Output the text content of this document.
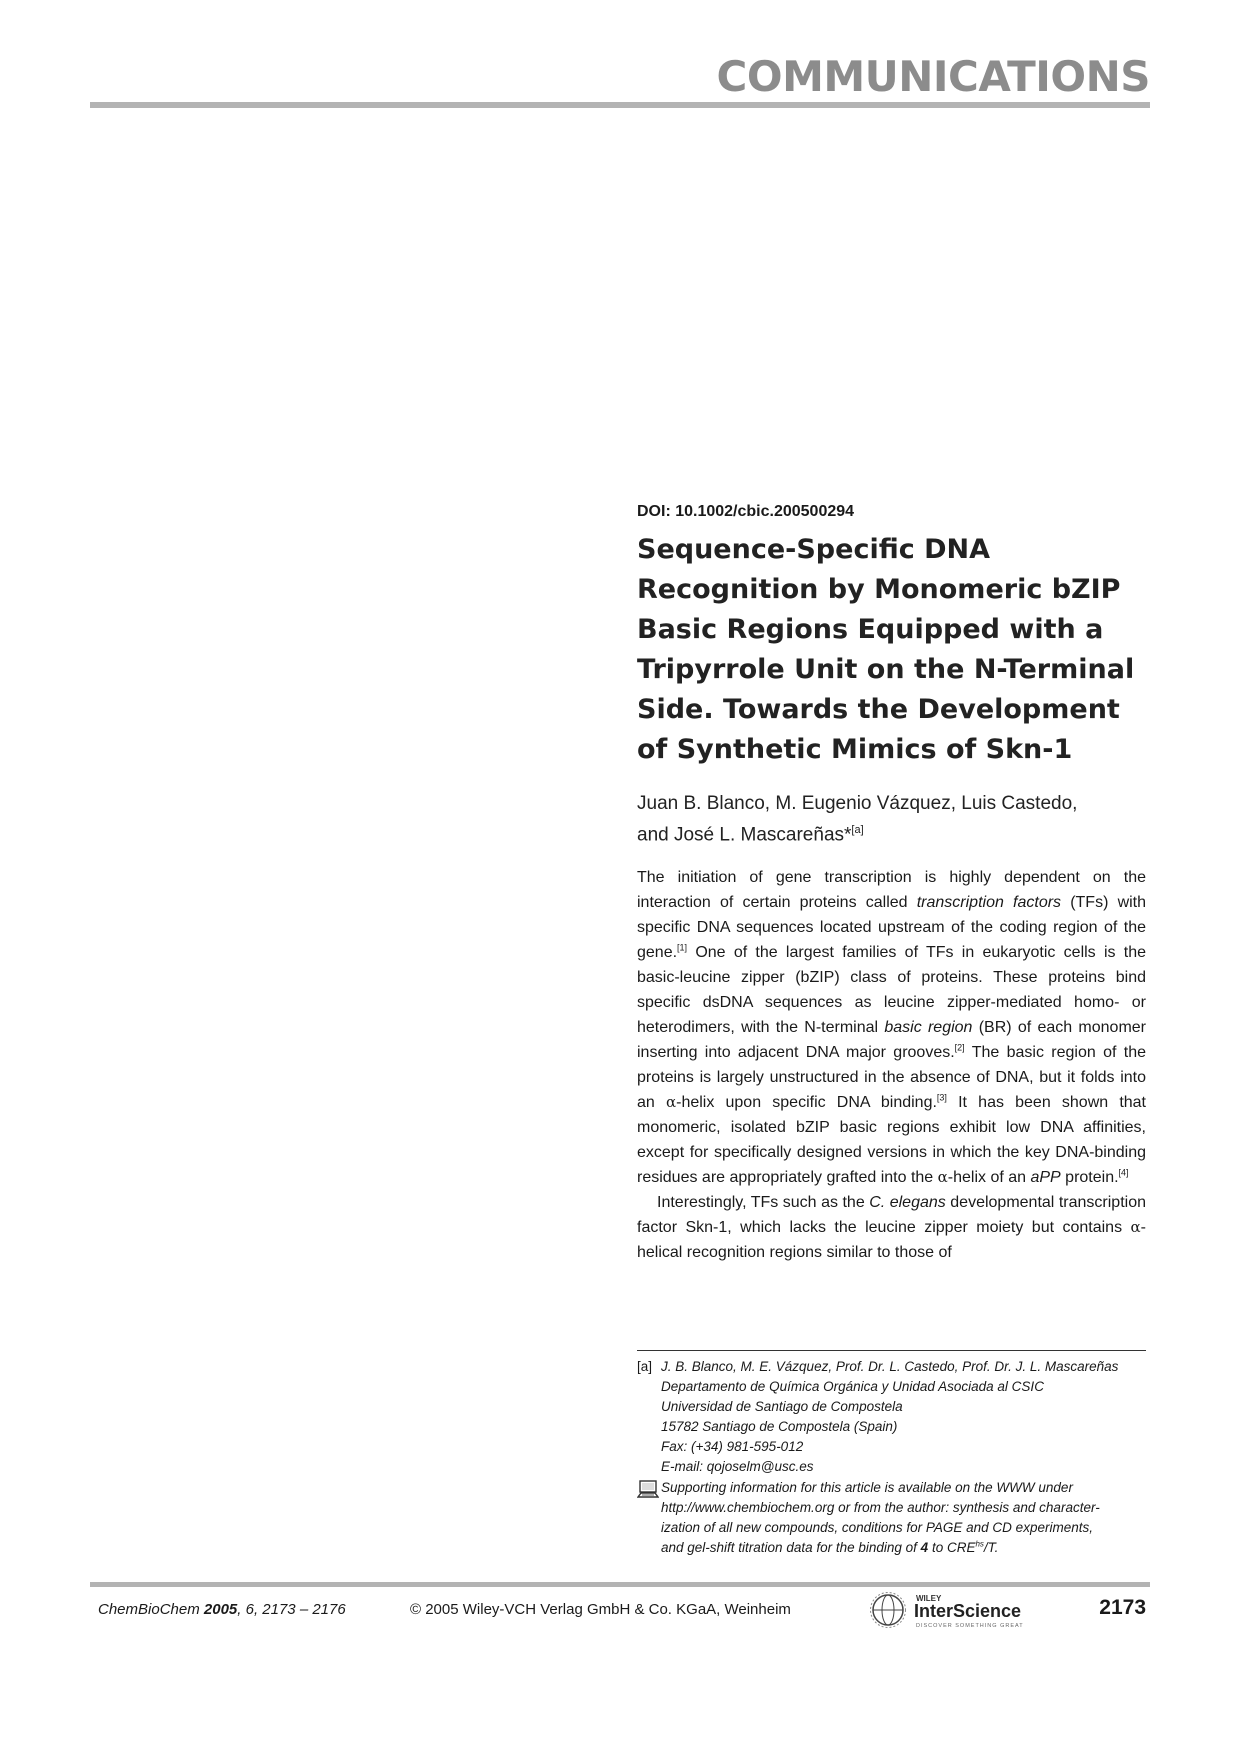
COMMUNICATIONS
DOI: 10.1002/cbic.200500294
Sequence-Specific DNA Recognition by Monomeric bZIP Basic Regions Equipped with a Tripyrrole Unit on the N-Terminal Side. Towards the Development of Synthetic Mimics of Skn-1

Juan B. Blanco, M. Eugenio Vázquez, Luis Castedo,
and José L. Mascareñas*[a]

The initiation of gene transcription is highly dependent on the interaction of certain proteins called transcription factors (TFs) with specific DNA sequences located upstream of the coding region of the gene.[1] One of the largest families of TFs in eukaryotic cells is the basic-leucine zipper (bZIP) class of proteins. These proteins bind specific dsDNA sequences as leucine zipper-mediated homo- or heterodimers, with the N-terminal basic region (BR) of each monomer inserting into adjacent DNA major grooves.[2] The basic region of the proteins is largely unstructured in the absence of DNA, but it folds into an α-helix upon specific DNA binding.[3] It has been shown that monomeric, isolated bZIP basic regions exhibit low DNA affinities, except for specifically designed versions in which the key DNA-binding residues are appropriately grafted into the α-helix of an aPP protein.[4]

Interestingly, TFs such as the C. elegans developmental transcription factor Skn-1, which lacks the leucine zipper moiety but contains α-helical recognition regions similar to those of

[a] J. B. Blanco, M. E. Vázquez, Prof. Dr. L. Castedo, Prof. Dr. J. L. Mascareñas
Departamento de Química Orgánica y Unidad Asociada al CSIC
Universidad de Santiago de Compostela
15782 Santiago de Compostela (Spain)
Fax: (+34) 981-595-012
E-mail: qojoselm@usc.es
Supporting information for this article is available on the WWW under
http://www.chembiochem.org or from the author: synthesis and character-
ization of all new compounds, conditions for PAGE and CD experiments,
and gel-shift titration data for the binding of 4 to $CRE^{hs}/T$.
ChemBioChem 2005, 6, 2173 – 2176	© 2005 Wiley-VCH Verlag GmbH & Co. KGaA, Weinheim
WILEY
InterScience
DISCOVER SOMETHING GREAT
2173
